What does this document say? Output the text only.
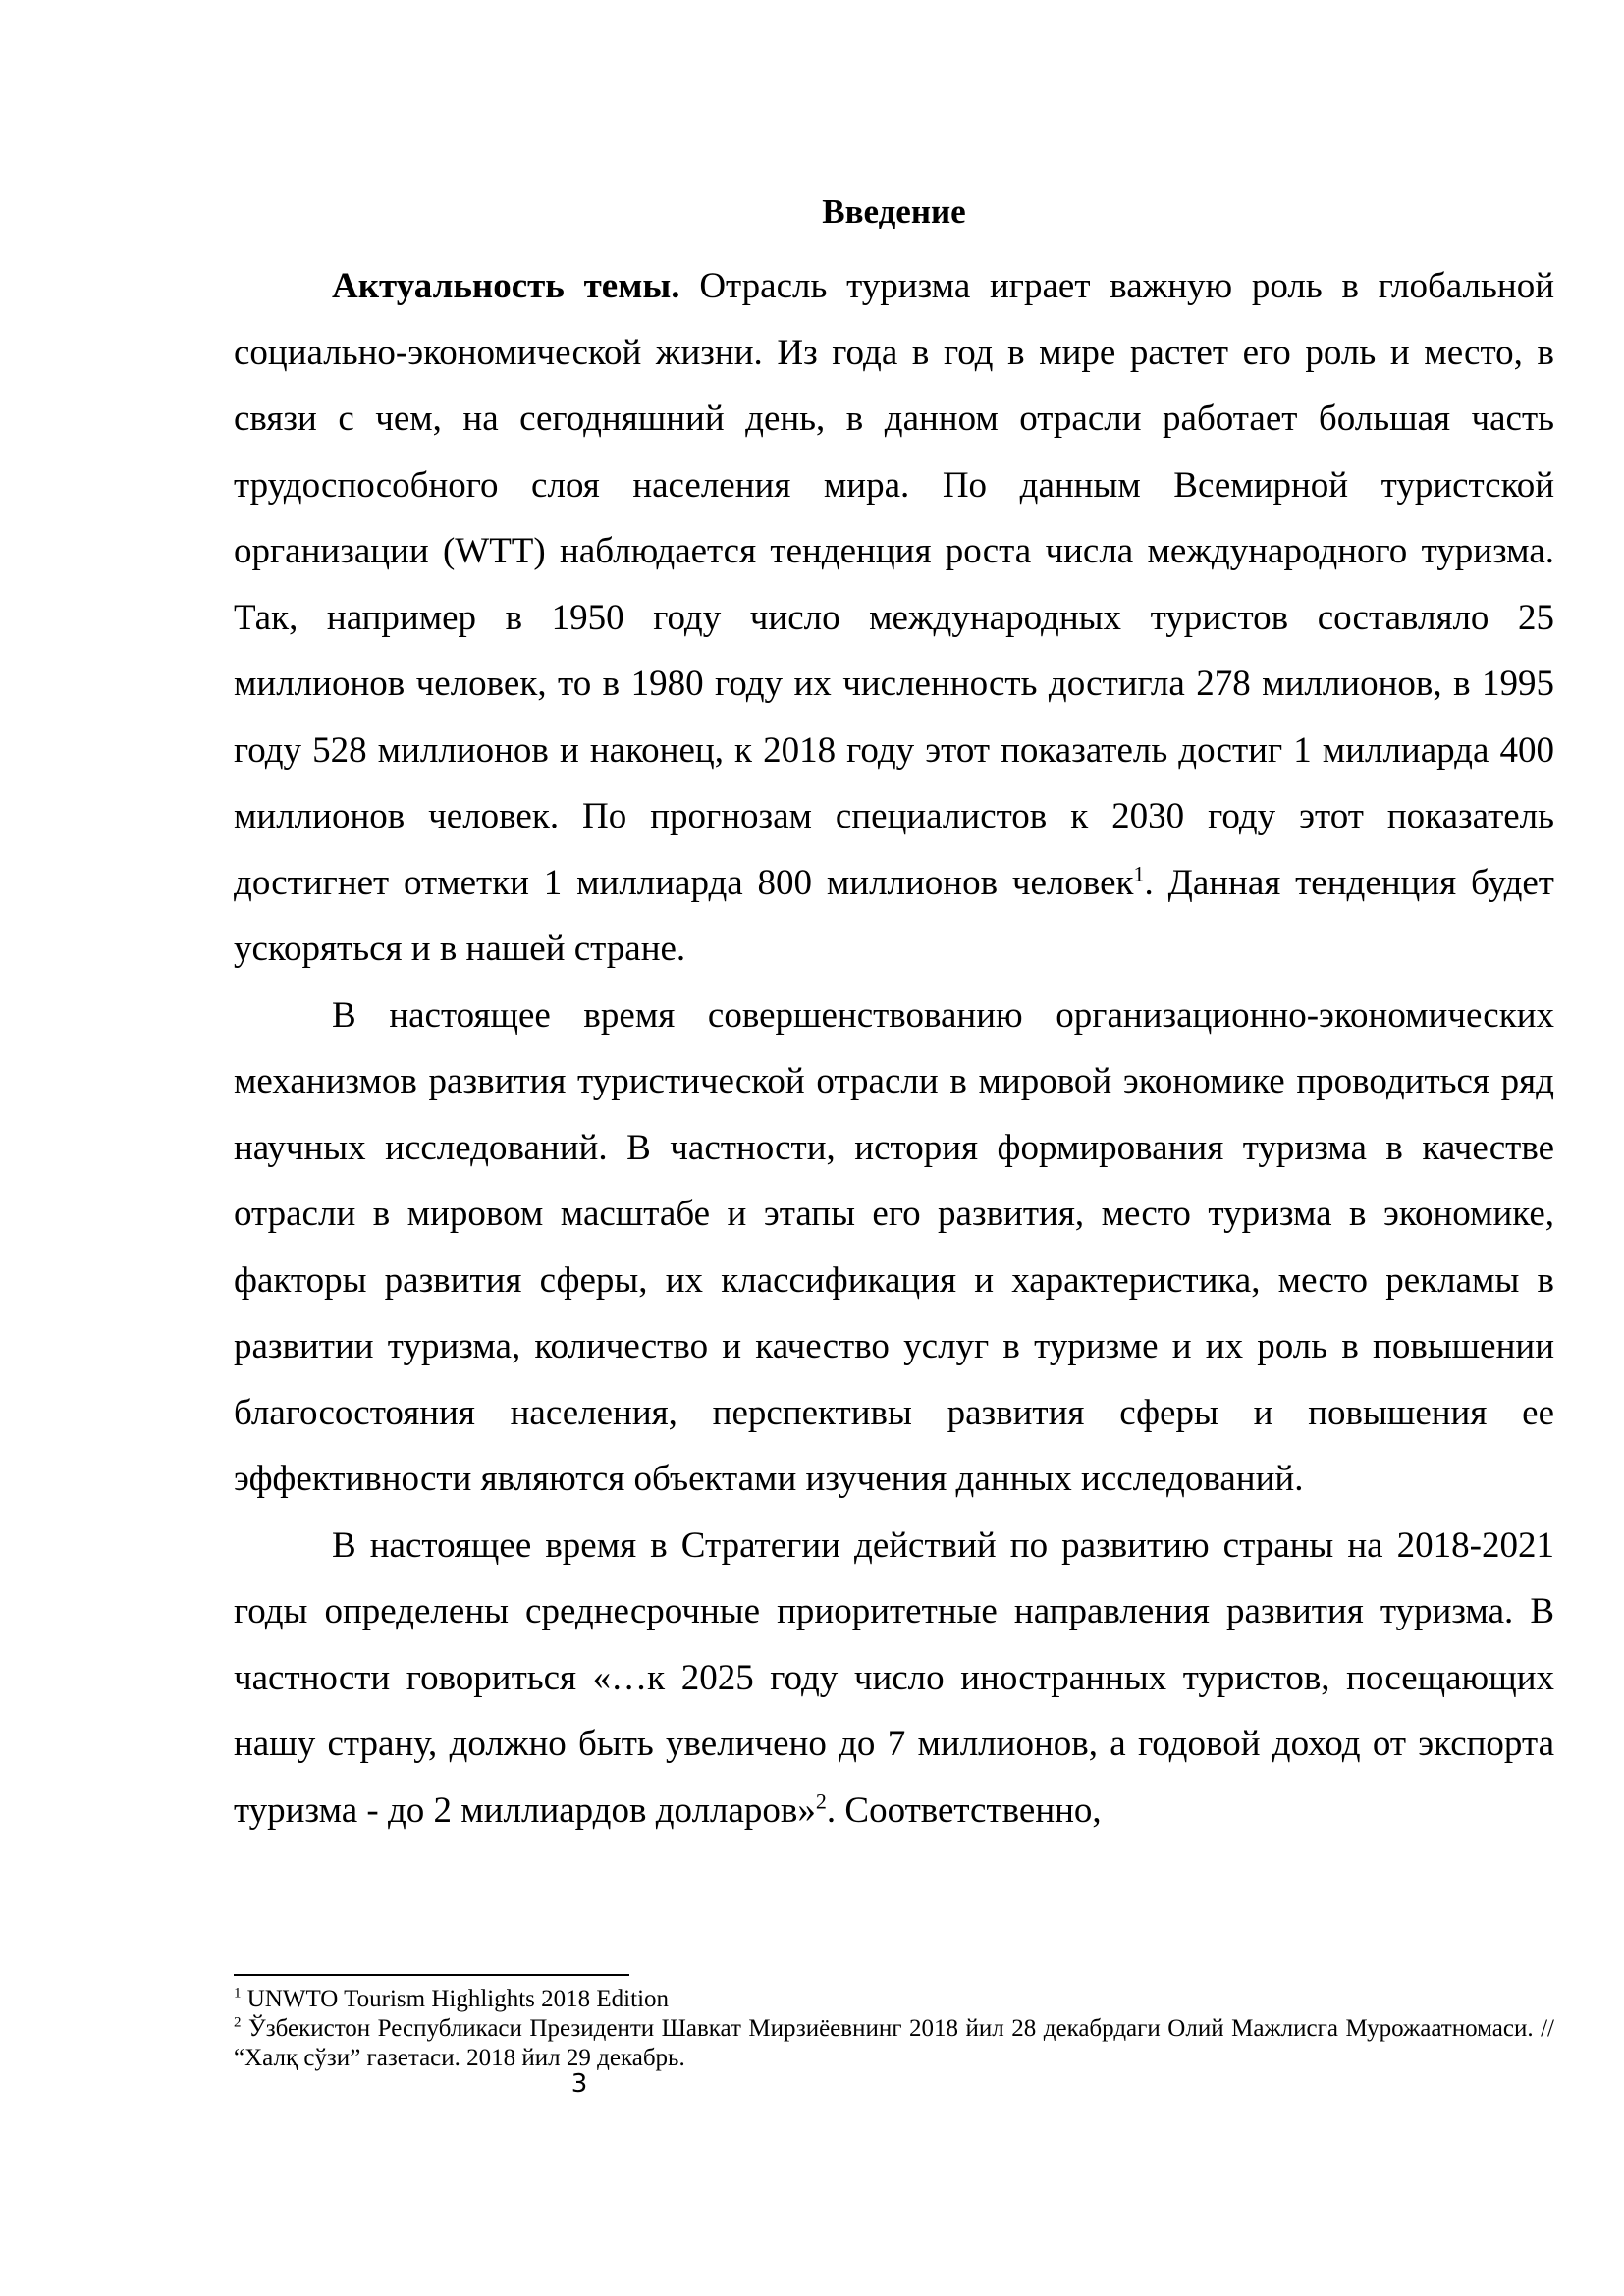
Введение

Актуальность темы. Отрасль туризма играет важную роль в глобальной социально-экономической жизни. Из года в год в мире растет его роль и место, в связи с чем, на сегодняшний день, в данном отрасли работает большая часть трудоспособного слоя населения мира. По данным Всемирной туристской организации (WTT) наблюдается тенденция роста числа международного туризма. Так, например в 1950 году число международных туристов составляло 25 миллионов человек, то в 1980 году их численность достигла 278 миллионов, в 1995 году 528 миллионов и наконец, к 2018 году этот показатель достиг 1 миллиарда 400 миллионов человек. По прогнозам специалистов к 2030 году этот показатель достигнет отметки 1 миллиарда 800 миллионов человек$^1$. Данная тенденция будет ускоряться и в нашей стране.

В настоящее время совершенствованию организационно-экономических механизмов развития туристической отрасли в мировой экономике проводиться ряд научных исследований. В частности, история формирования туризма в качестве отрасли в мировом масштабе и этапы его развития, место туризма в экономике, факторы развития сферы, их классификация и характеристика, место рекламы в развитии туризма, количество и качество услуг в туризме и их роль в повышении благосостояния населения, перспективы развития сферы и повышения ее эффективности являются объектами изучения данных исследований.

В настоящее время в Стратегии действий по развитию страны на 2018-2021 годы определены среднесрочные приоритетные направления развития туризма. В частности говориться «…к 2025 году число иностранных туристов, посещающих нашу страну, должно быть увеличено до 7 миллионов, а годовой доход от экспорта туризма - до 2 миллиардов долларов»$^2$. Соответственно,

$^1$ UNWTO Tourism Highlights 2018 Edition

$^2$ Ўзбекистон Республикаси Президенти Шавкат Мирзиёевнинг 2018 йил 28 декабрдаги Олий Мажлисга Мурожаатномаси. // “Халқ сўзи” газетаси. 2018 йил 29 декабрь.

3
